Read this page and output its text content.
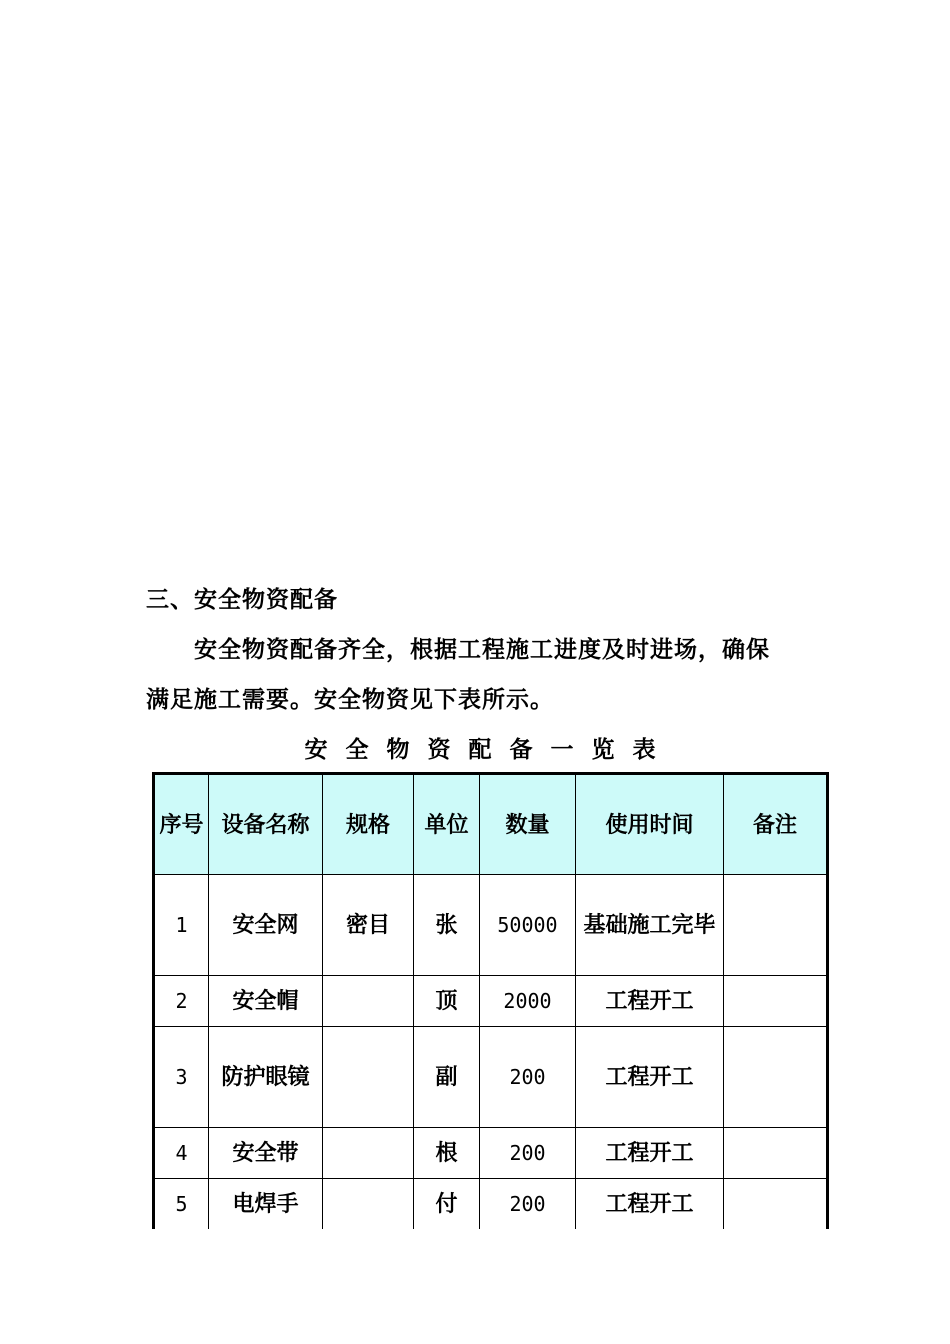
三、安全物资配备
安全物资配备齐全，根据工程施工进度及时进场，确保
满足施工需要。安全物资见下表所示。
安全物资配备一览表
序号	设备名称	规格	单位	数量	使用时间	备注
1	安全网	密目	张	50000	基础施工完毕	
2	安全帽		顶	2000	工程开工	
3	防护眼镜		副	200	工程开工	
4	安全带		根	200	工程开工	
5	电焊手		付	200	工程开工	
